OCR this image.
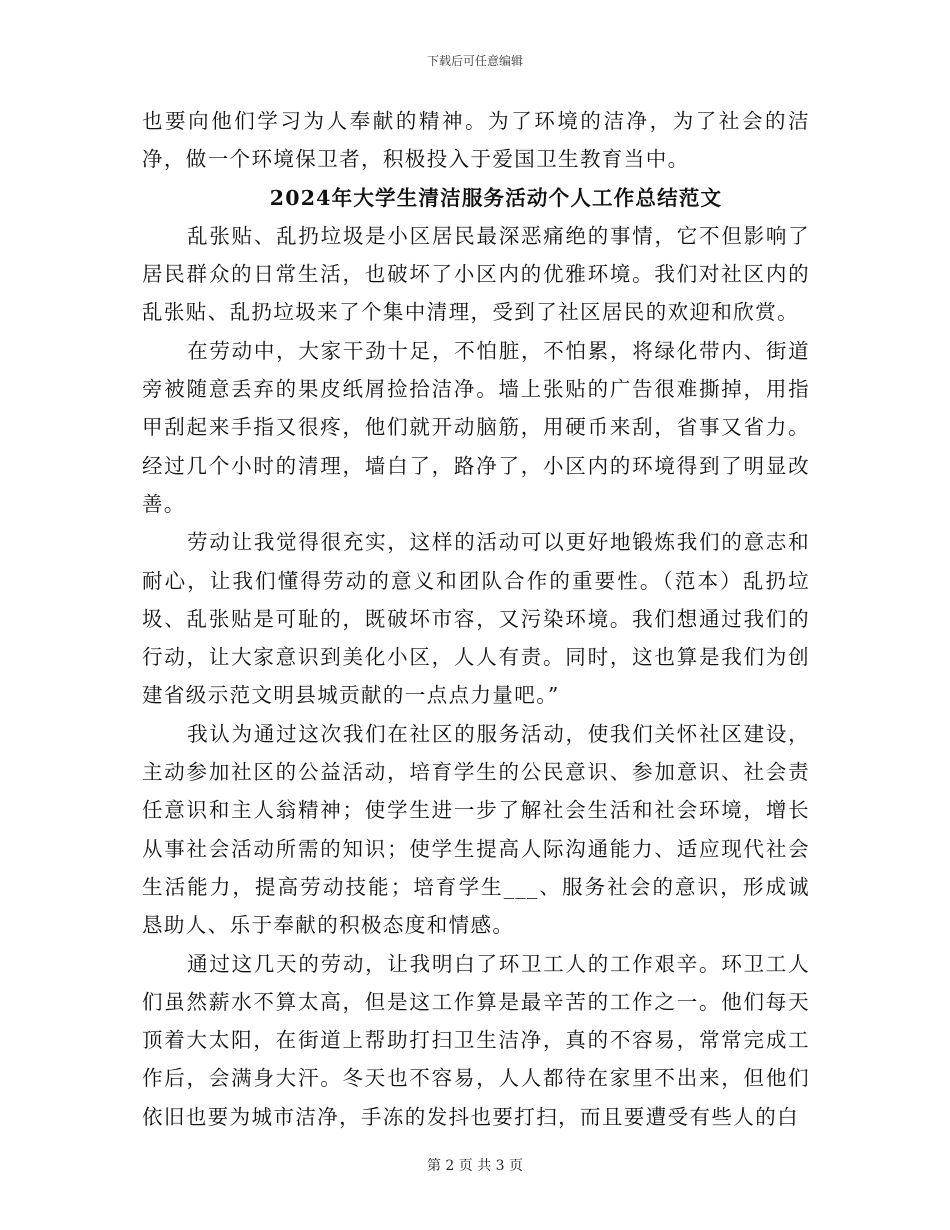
下载后可任意编辑

也要向他们学习为人奉献的精神。为了环境的洁净，为了社会的洁净，做一个环境保卫者，积极投入于爱国卫生教育当中。

2024年大学生清洁服务活动个人工作总结范文

乱张贴、乱扔垃圾是小区居民最深恶痛绝的事情，它不但影响了居民群众的日常生活，也破坏了小区内的优雅环境。我们对社区内的乱张贴、乱扔垃圾来了个集中清理，受到了社区居民的欢迎和欣赏。

在劳动中，大家干劲十足，不怕脏，不怕累，将绿化带内、街道旁被随意丢弃的果皮纸屑捡拾洁净。墙上张贴的广告很难撕掉，用指甲刮起来手指又很疼，他们就开动脑筋，用硬币来刮，省事又省力。经过几个小时的清理，墙白了，路净了，小区内的环境得到了明显改善。

劳动让我觉得很充实，这样的活动可以更好地锻炼我们的意志和耐心，让我们懂得劳动的意义和团队合作的重要性。（范本）乱扔垃圾、乱张贴是可耻的，既破坏市容，又污染环境。我们想通过我们的行动，让大家意识到美化小区，人人有责。同时，这也算是我们为创建省级示范文明县城贡献的一点点力量吧。”

我认为通过这次我们在社区的服务活动，使我们关怀社区建设，主动参加社区的公益活动，培育学生的公民意识、参加意识、社会责任意识和主人翁精神；使学生进一步了解社会生活和社会环境，增长从事社会活动所需的知识；使学生提高人际沟通能力、适应现代社会生活能力，提高劳动技能；培育学生___、服务社会的意识，形成诚恳助人、乐于奉献的积极态度和情感。

通过这几天的劳动，让我明白了环卫工人的工作艰辛。环卫工人们虽然薪水不算太高，但是这工作算是最辛苦的工作之一。他们每天顶着大太阳，在街道上帮助打扫卫生洁净，真的不容易，常常完成工作后，会满身大汗。冬天也不容易，人人都待在家里不出来，但他们依旧也要为城市洁净，手冻的发抖也要打扫，而且要遭受有些人的白

第 2 页 共 3 页
